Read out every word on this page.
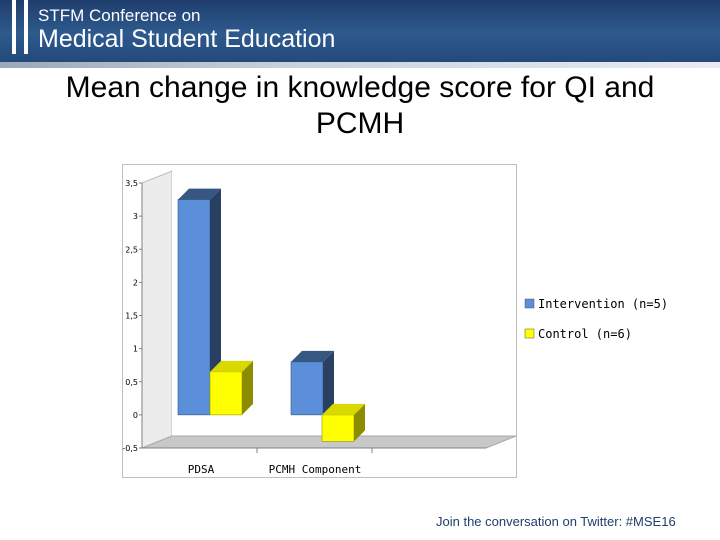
STFM Conference on
Medical Student Education
Mean change in knowledge score for QI and PCMH
-0,5
0
0,5
1
1,5
2
2,5
3
3,5
PDSA	PCMH Component
Intervention (n=5)
Control (n=6)
Join the conversation on Twitter: #MSE16
